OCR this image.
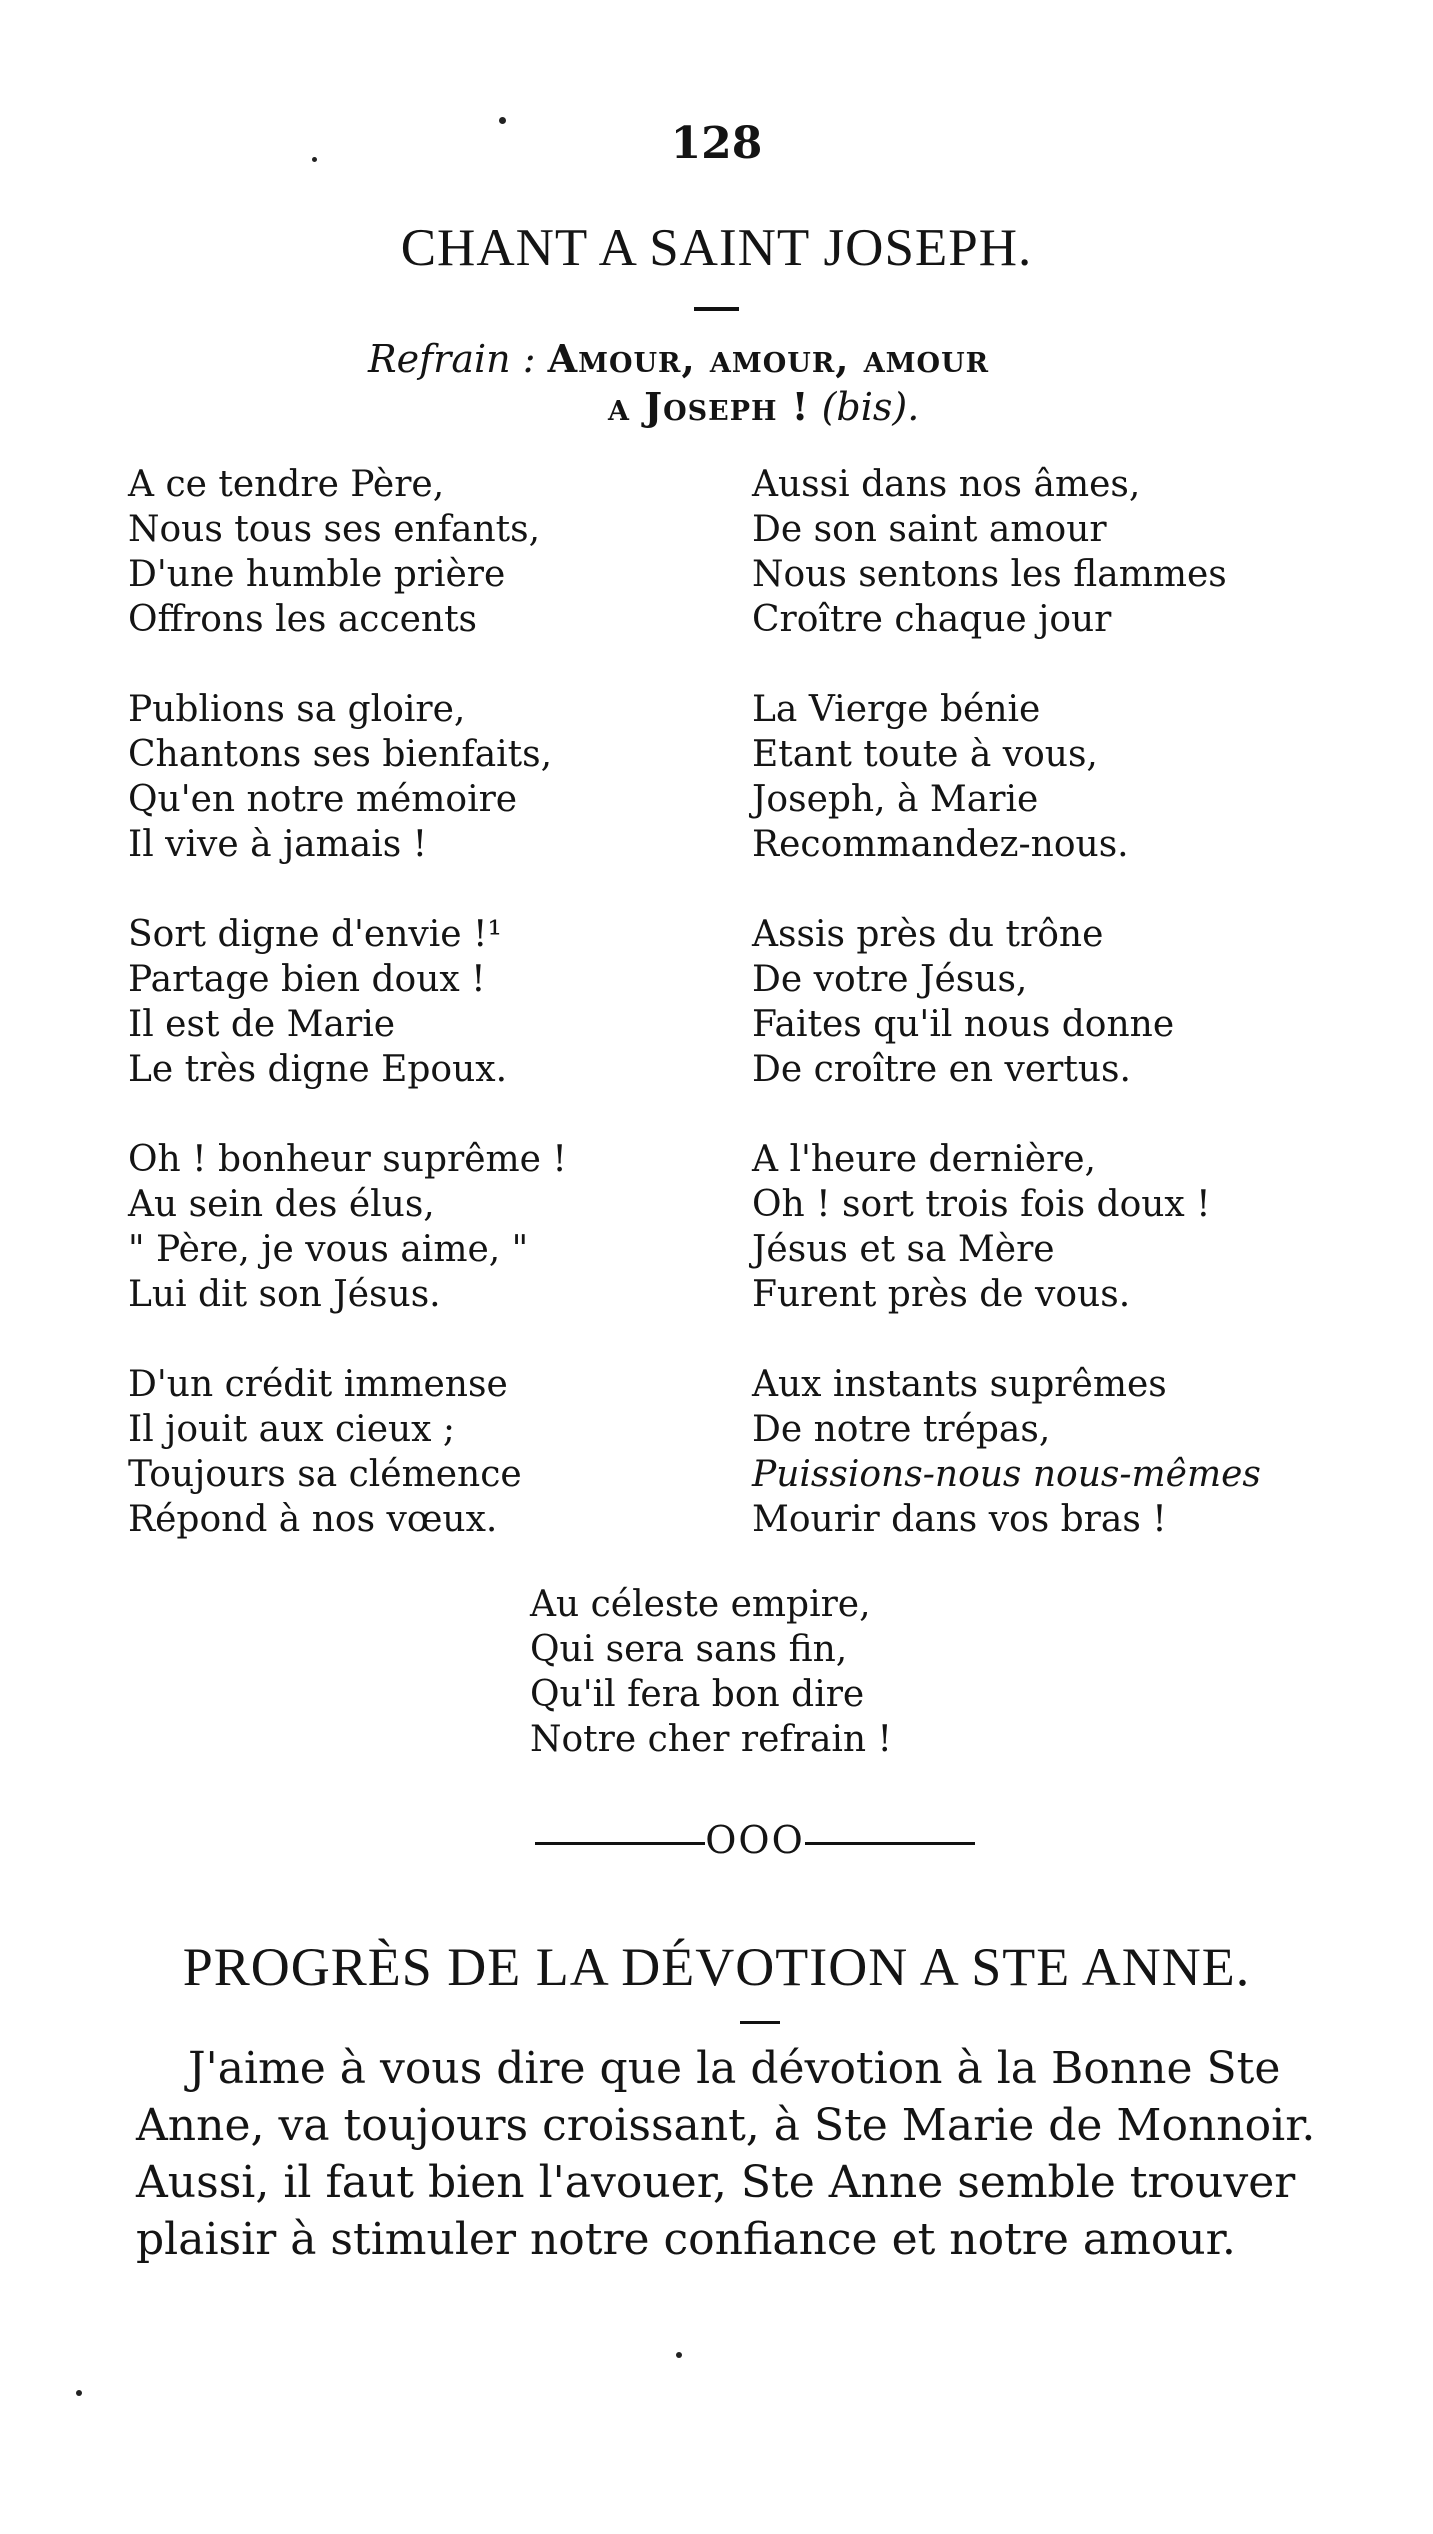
128
CHANT A SAINT JOSEPH.
Refrain : Amour, amour, amour
a Joseph ! (bis).
A ce tendre Père,
Nous tous ses enfants,
D'une humble prière
Offrons les accents
Publions sa gloire,
Chantons ses bienfaits,
Qu'en notre mémoire
Il vive à jamais !
Sort digne d'envie !¹
Partage bien doux !
Il est de Marie
Le très digne Epoux.
Oh ! bonheur suprême !
Au sein des élus,
" Père, je vous aime, "
Lui dit son Jésus.
D'un crédit immense
Il jouit aux cieux ;
Toujours sa clémence
Répond à nos vœux.
Aussi dans nos âmes,
De son saint amour
Nous sentons les flammes
Croître chaque jour
La Vierge bénie
Etant toute à vous,
Joseph, à Marie
Recommandez-nous.
Assis près du trône
De votre Jésus,
Faites qu'il nous donne
De croître en vertus.
A l'heure dernière,
Oh ! sort trois fois doux !
Jésus et sa Mère
Furent près de vous.
Aux instants suprêmes
De notre trépas,
Puissions-nous nous-mêmes
Mourir dans vos bras !
Au céleste empire,
Qui sera sans fin,
Qu'il fera bon dire
Notre cher refrain !
OOO
PROGRÈS DE LA DÉVOTION A STE ANNE.
J'aime à vous dire que la dévotion à la Bonne Ste
Anne, va toujours croissant, à Ste Marie de Monnoir.
Aussi, il faut bien l'avouer, Ste Anne semble trouver
plaisir à stimuler notre confiance et notre amour.
